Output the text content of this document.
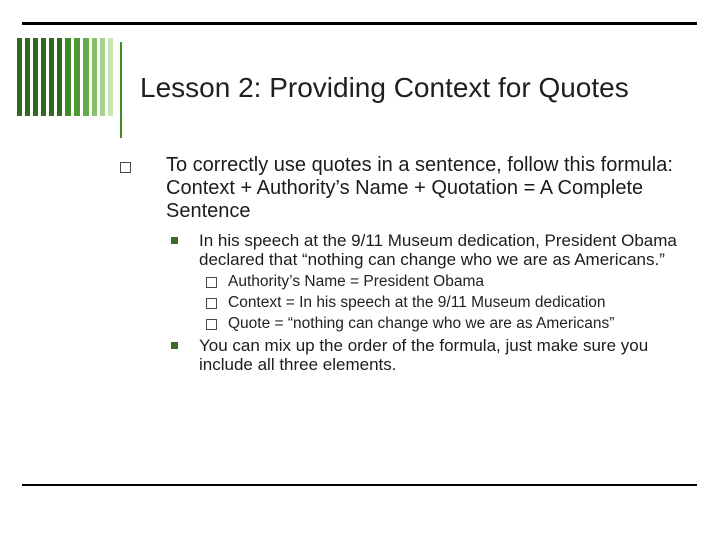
Lesson 2: Providing Context for Quotes
To correctly use quotes in a sentence, follow this formula: Context + Authority’s Name + Quotation = A Complete Sentence
In his speech at the 9/11 Museum dedication, President Obama declared that “nothing can change who we are as Americans.”
Authority’s Name = President Obama
Context = In his speech at the 9/11 Museum dedication
Quote = “nothing can change who we are as Americans”
You can mix up the order of the formula, just make sure you include all three elements.
